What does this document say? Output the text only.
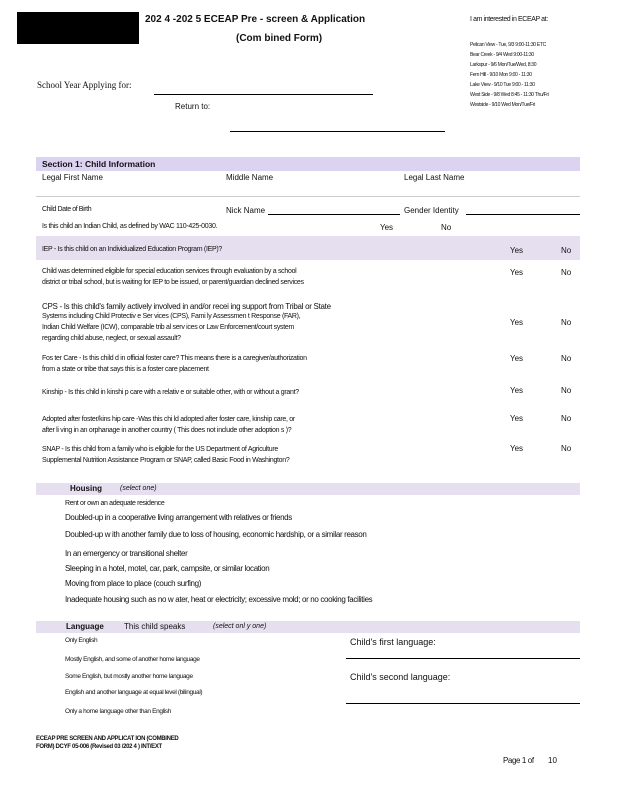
202 4 -202 5 ECEAP Pre - screen & Application
(Com bined Form)
I am interested in ECEAP at:
Pelican View - Tue, 9/3 9:00-11:30 ETC
Bear Creek - 9/4 Wed 9:00-11:30
Larkspur - 9/6 Mon/Tue/Wed, 8:30
Fern Hill - 9/10 Mon 9:00 - 11:30
Lake View - 9/10 Tue 9:00 - 11:30
West Side - 9/8 Wed 8:45 - 11:30 Thu/Fri
Westside - 9/10 Wed Mon/Tue/Fri
School Year Applying for:
Return to:
Section 1: Child Information
Legal First Name	Middle Name	Legal Last Name
Child Date of Birth	Nick Name	Gender Identity
Is this child an Indian Child, as defined by WAC 110-425-0030.	Yes	No
IEP - Is this child on an Individualized Education Program (IEP)?	Yes	No
Child was determined eligible for special education services through evaluation by a school
district or tribal school, but is waiting for IEP to be issued, or parent/guardian declined services
Yes	No
CPS - Is this child's family actively involved in and/or recei ing support from Tribal or State
Systems including Child Protectiv e Ser vices (CPS), Fami ly Assessmen t Response (FAR),
Indian Child Welfare (ICW), comparable trib al serv ices or Law Enforcement/court system
regarding child abuse, neglect, or sexual assault?
Yes	No
Fos ter Care - Is this child d in official foster care? This means there is a caregiver/authorization
from a state or tribe that says this is a foster care placement
Yes	No
Kinship - Is this child in kinshi p care with a relativ e or suitable other, with or without a grant?	Yes	No
Adopted after foster/kins hip care -Was this chi ld adopted after foster care, kinship care, or
after li ving in an orphanage in another country ( This does not include other adoption s )?
Yes	No
SNAP - Is this child from a family who is eligible for the US Department of Agriculture
Supplemental Nutrition Assistance Program or SNAP, called Basic Food in Washington?
Yes	No
Housing	(select one)
Rent or own an adequate residence
Doubled-up in a cooperative living arrangement with relatives or friends
Doubled-up w ith another family due to loss of housing, economic hardship, or a similar reason
In an emergency or transitional shelter
Sleeping in a hotel, motel, car, park, campsite, or similar location
Moving from place to place (couch surfing)
Inadequate housing such as no w ater, heat or electricity; excessive mold; or no cooking facilities
Language	This child speaks	(select onl y one)
Only English
Mostly English, and some of another home language
Some English, but mostly another home language
English and another language at equal level (bilingual)
Only a home language other than English
Child's first language:
Child's second language:
ECEAP PRE SCREEN AND APPLICAT ION (COMBINED
FORM) DCYF 05-006 (Revised 03 /202 4 ) INT/EXT
Page 1 of 10
